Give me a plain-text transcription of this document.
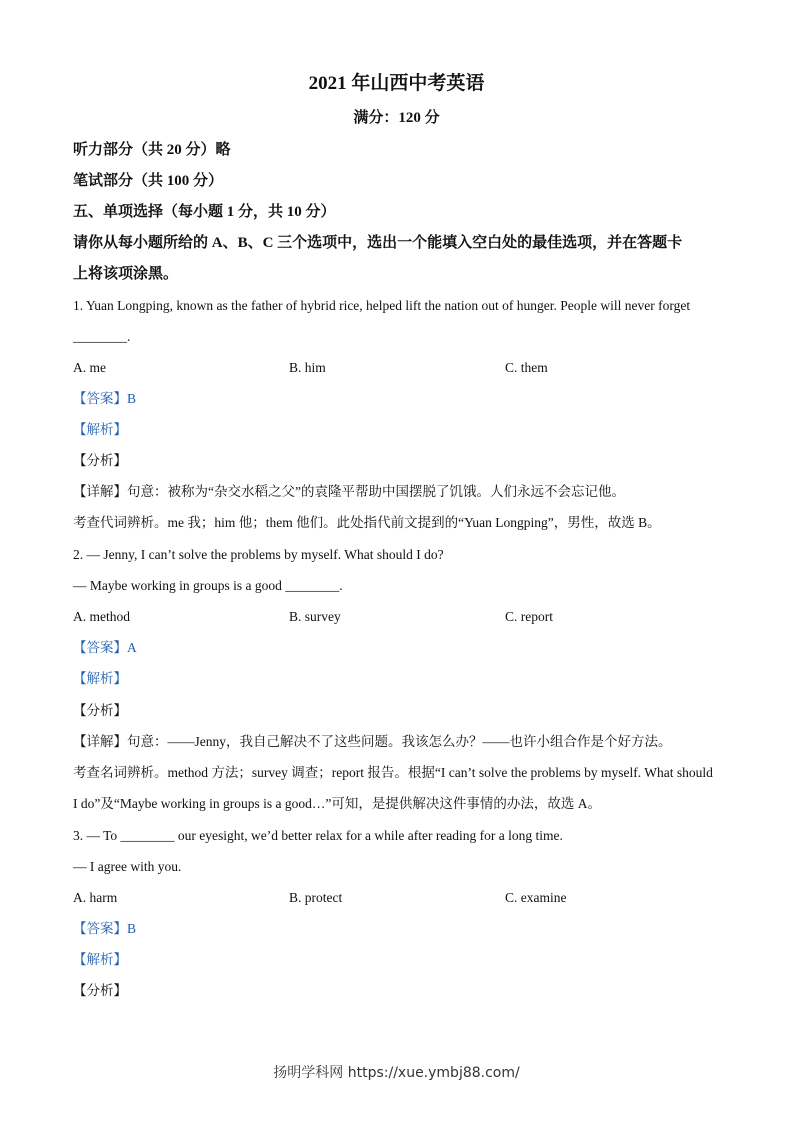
2021 年山西中考英语
满分：120 分
听力部分（共 20 分）略
笔试部分（共 100 分）
五、单项选择（每小题 1 分，共 10 分）
请你从每小题所给的 A、B、C 三个选项中，选出一个能填入空白处的最佳选项，并在答题卡
上将该项涂黑。
1. Yuan Longping, known as the father of hybrid rice, helped lift the nation out of hunger. People will never forget
________.
A. me	B. him	C. them
【答案】B
【解析】
【分析】
【详解】句意：被称为“杂交水稻之父”的袁隆平帮助中国摆脱了饥饿。人们永远不会忘记他。
考查代词辨析。me 我；him 他；them 他们。此处指代前文提到的“Yuan Longping”，男性，故选 B。
2. — Jenny, I can’t solve the problems by myself. What should I do?
— Maybe working in groups is a good ________.
A. method	B. survey	C. report
【答案】A
【解析】
【分析】
【详解】句意：——Jenny，我自己解决不了这些问题。我该怎么办？——也许小组合作是个好方法。
考查名词辨析。method 方法；survey 调查；report 报告。根据“I can’t solve the problems by myself. What should
I do”及“Maybe working in groups is a good…”可知，是提供解决这件事情的办法，故选 A。
3. — To ________ our eyesight, we’d better relax for a while after reading for a long time.
— I agree with you.
A. harm	B. protect	C. examine
【答案】B
【解析】
【分析】
扬明学科网 https://xue.ymbj88.com/
